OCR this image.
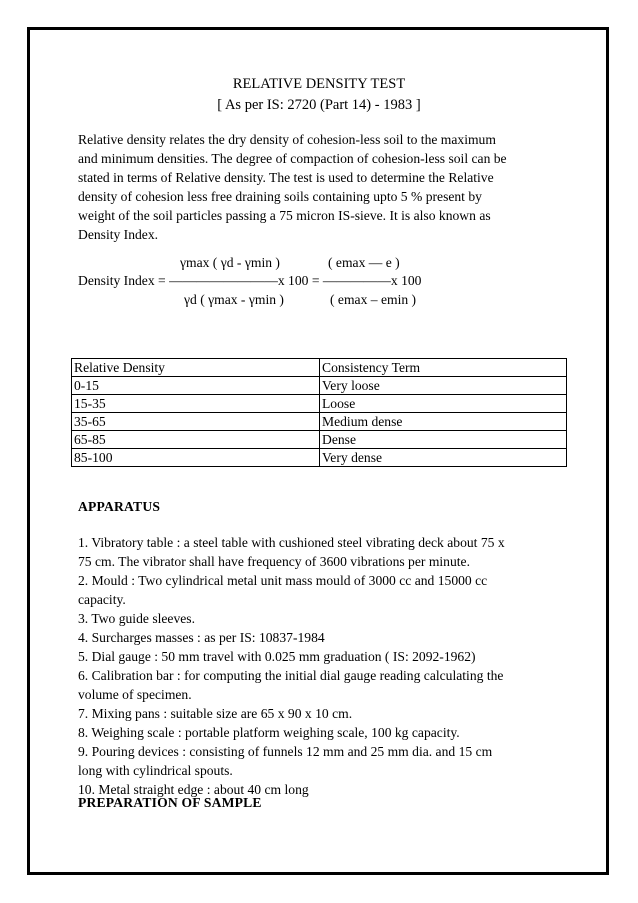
RELATIVE DENSITY TEST
[ As per IS: 2720 (Part 14) - 1983 ]
Relative density relates the dry density of cohesion-less soil to the maximum
and minimum densities. The degree of compaction of cohesion-less soil can be
stated in terms of Relative density. The test is used to determine the Relative
density of cohesion less free draining soils containing upto 5 % present by
weight of the soil particles passing a 75 micron IS-sieve. It is also known as
Density Index.
γmax ( γd - γmin )	( emax — e )
Density Index = ————————x 100 = —————x 100
γd ( γmax - γmin )	( emax – emin )
Relative Density	Consistency Term
0-15	Very loose
15-35	Loose
35-65	Medium dense
65-85	Dense
85-100	Very dense
APPARATUS
1. Vibratory table : a steel table with cushioned steel vibrating deck about 75 x
75 cm. The vibrator shall have frequency of 3600 vibrations per minute.
2. Mould : Two cylindrical metal unit mass mould of 3000 cc and 15000 cc
capacity.
3. Two guide sleeves.
4. Surcharges masses : as per IS: 10837-1984
5. Dial gauge : 50 mm travel with 0.025 mm graduation ( IS: 2092-1962)
6. Calibration bar : for computing the initial dial gauge reading calculating the
volume of specimen.
7. Mixing pans : suitable size are 65 x 90 x 10 cm.
8. Weighing scale : portable platform weighing scale, 100 kg capacity.
9. Pouring devices : consisting of funnels 12 mm and 25 mm dia. and 15 cm
long with cylindrical spouts.
10. Metal straight edge : about 40 cm long
PREPARATION OF SAMPLE
